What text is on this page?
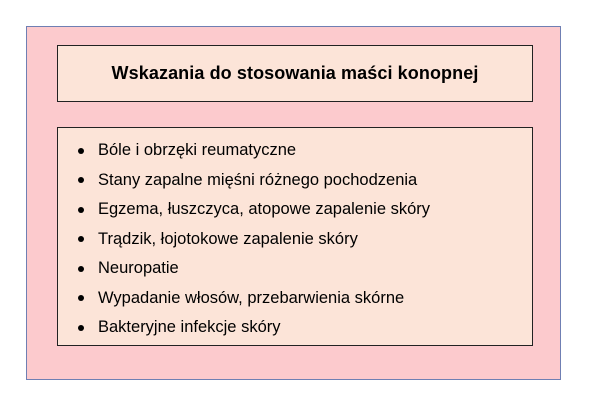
Wskazania do stosowania maści konopnej
Bóle i obrzęki reumatyczne
Stany zapalne mięśni różnego pochodzenia
Egzema, łuszczyca, atopowe zapalenie skóry
Trądzik, łojotokowe zapalenie skóry
Neuropatie
Wypadanie włosów, przebarwienia skórne
Bakteryjne infekcje skóry
